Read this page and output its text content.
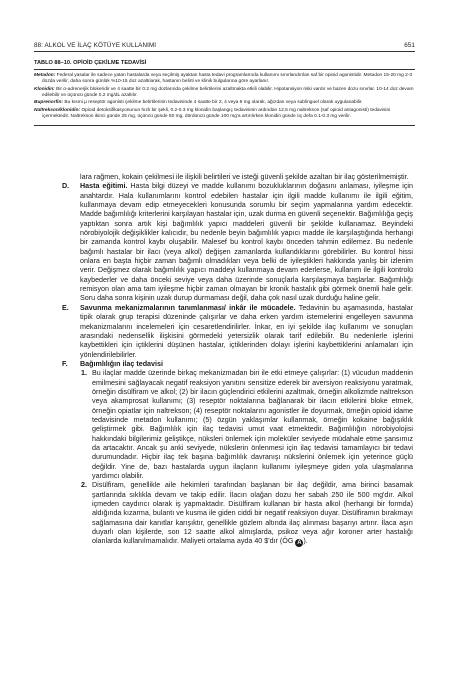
88: ALKOL VE İLAÇ KÖTÜYE KULLANIMI	651
TABLO 88–10. OPİOİD ÇEKİLME TEDAVİSİ
Metadon: Federal yasalar ile sadece yatan hastalarda veya seçilmiş ayaktan hasta tedavi programlarında kullanımı sınırlandırılan saf bir opioid agonistidir. Metadon 15-20 mg 2-3 dozda verilir, daha sonra günlük %10-15 doz azaltılarak, hastanın belirti ve klinik bulgularına göre ayarlanır.
Klonidin: Bir α-adrenerjik blokeridir ve 4 saatte bir 0.2 mg dozlarında çekilme belirtilerini azaltmakta etkili olabilir. Hipotansiyon riski vardır ve bazen dozu sınırlar. 10-14 doz devam edilebilir ve üçüncü günde 0.2 mg/dL azaltılır.
Buprenorfin: Bu kısmi µ reseptör agonisti çekilme belirtilerinin tedavisinde 4 saatte bir 2, 4 veya 8 mg olarak, ağızdan veya sublinguel olarak uygulanabilir.
Naltrekson/klonidin: Opioid detoksifikasyonunun hızlı bir şekli, 0.2-0.3 mg klonidin başlangıç tedavisinin ardından 12.5 mg naltrekson (saf opioid antagonisti) tedavisini içermektedir. Naltrekson ikinci günde 25 mg, üçüncü günde 50 mg, dördüncü günde 100 mg'a artırılırken klonidin günde üç defa 0.1-0.3 mg verilir.

lara rağmen, kokain çekilmesi ile ilişkili belirtileri ve isteği güvenli şekilde azaltan bir ilaç gösterilmemiştir.

D. Hasta eğitimi. Hasta bilgi düzeyi ve madde kullanımı bozukluklarının doğasını anlaması, iyileşme için anahtardır. Hala kullanımlarını kontrol edebilen hastalar için ilgili madde kullanımı ile ilgili eğitim, kullanmaya devam edip etmeyecekleri konusunda sorumlu bir seçim yapmalarına yardım edecektir. Madde bağımlılığı kriterlerini karşılayan hastalar için, uzak durma en güvenli seçenektir. Bağımlılığa geçiş yaptıktan sonra artık kişi bağımlılık yapıcı maddeleri güvenli bir şekilde kullanamaz. Beyindeki nörobiyolojik değişiklikler kalıcıdır, bu nedenle beyin bağımlılık yapıcı madde ile karşılaştığında herhangi bir zamanda kontrol kaybı oluşabilir. Malesef bu kontrol kaybı önceden tahmin edilemez. Bu nedenle bağımlı hastalar bir ilacı (veya alkol) değişen zamanlarda kullandıklarını görebilirler. Bu kontrol hissi onlara en başta hiçbir zaman bağımlı olmadıkları veya belki de iyileştikleri hakkında yanlış bir izlenim verir. Değişmez olarak bağımlılık yapıcı maddeyi kullanmaya devam ederlerse, kullanım ile ilgili kontrolü kaybederler ve daha önceki seviye veya daha üzerinde sonuçlarla karşılaşmaya başlarlar. Bağımlılığı remisyon olan ama tam iyileşme hiçbir zaman olmayan bir kronik hastalık gibi görmek önemli hale gelir. Soru daha sonra kişinin uzak durup durmaması değil, daha çok nasıl uzak durduğu haline gelir.

E. Savunma mekanizmalarının tanımlanması/ inkâr ile mücadele. Tedavinin bu aşamasında, hastalar tipik olarak grup terapisi düzeninde çalışırlar ve daha erken yardım istemelerini engelleyen savunma mekanizmalarını incelemeleri için cesaretlendirilirler. İnkar, en iyi şekilde ilaç kullanımı ve sonuçları arasındaki nedensellik ilişkisini görmedeki yetersizlik olarak tarif edilebilir. Bu nedenlerle işlerini kaybettikleri için içtiklerini düşünen hastalar, içtiklerinden dolayı işlerini kaybettiklerini anlamaları için yönlendirilebilirler.

F. Bağımlılığın ilaç tedavisi

1. Bu ilaçlar madde üzerinde birkaç mekanizmadan biri ile etki etmeye çalışırlar: (1) vücudun maddenin emilmesini sağlayacak negatif reaksiyon yanıtını sensitize ederek bir aversiyon reaksiyonu yaratmak, örneğin disülfiram ve alkol; (2) bir ilacın güçlendirici etkilerini azaltmak, örneğin alkolizmde naltrekson veya akamprosat kullanımı; (3) reseptör noktalarına bağlanarak bir ilacın etkilerini bloke etmek, örneğin opiatlar için naltrekson; (4) reseptör noktalarını agonistler ile doyurmak, örneğin opioid idame tedavisinde metadon kullanımı; (5) özgün yaklaşımlar kullanmak, örneğin kokaine bağışıklık geliştirmek gibi. Bağımlılık için ilaç tedavisi umut vaat etmektedir. Bağımlılığın nörobiyolojisi hakkındaki bilgilerimiz geliştikçe, nüksleri önlemek için moleküler seviyede müdahale etme şansımız da artacaktır. Ancak şu anki seviyede, nükslerin önlenmesi için ilaç tedavisi tamamlayıcı bir tedavi durumundadır. Hiçbir ilaç tek başına bağımlılık davranışı nükslerini önlemek için yeterince güçlü değildir. Yine de, bazı hastalarda uygun ilaçların kullanımı iyileşmeye giden yola ulaşmalarına yardımcı olabilir.

2. Disülfiram, genellikle aile hekimleri tarafından başlanan bir ilaç değildir, ama birinci basamak şartlarında sıklıkla devam ve takip edilir. İlacın olağan dozu her sabah 250 ile 500 mg'dır. Alkol içmeden caydırıcı olarak iş yapmaktadır. Disülfiram kullanan bir hasta alkol (herhangi bir formda) aldığında kızarma, bulantı ve kusma ile giden ciddi bir negatif reaksiyon duyar. Disülfiramın bırakmayı sağlamasına dair kanıtlar karışıktır, genellikle gözlem altında ilaç alınması başarıyı artırır. İlaca aşırı duyarlı olan kişilerde, son 12 saatte alkol almışlarda, psikoz veya ağır koroner arter hastalığı olanlarda kullanılmamalıdır. Maliyeti ortalama ayda 40 $'dır (ÖG A ).
